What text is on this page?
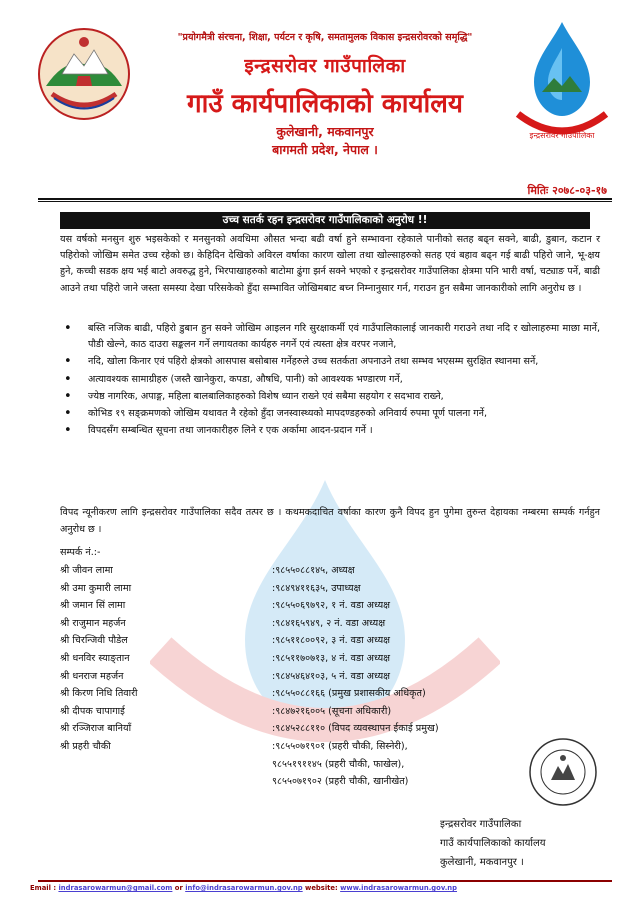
"प्रयोगमैत्री संरचना, शिक्षा, पर्यटन र कृषि, समतामुलक विकास इन्द्रसरोवरको समृद्धि"
इन्द्रसरोवर गाउँपालिका
गाउँ कार्यपालिकाको कार्यालय
कुलेखानी, मकवानपुर
बागमती प्रदेश, नेपाल ।
इन्द्रसरोवर गाउँपालिका
मितिः २०७८-०३-१७
उच्च सतर्क रहन इन्द्रसरोवर गाउँपालिकाको अनुरोध !!
यस वर्षको मनसुन शुरु भइसकेको र मनसुनको अवधिमा औसत भन्दा बढी वर्षा हुने सम्भावना रहेकाले पानीको सतह बढ्न सक्ने, बाढी, डुबान, कटान र पहिरोको जोखिम समेत उच्च रहेको छ। केहिदिन देखिको अविरल वर्षाका कारण खोला तथा खोल्साहरुको सतह एवं बहाव बढ्न गई बाढी पहिरो जाने, भू-क्षय हुने, कच्ची सडक क्षय भई बाटो अवरुद्ध हुने, भिरपाखाहरुको बाटोमा ढुंगा झर्न सक्ने भएको र इन्द्रसरोवर गाउँपालिका क्षेत्रमा पनि भारी वर्षा, चट्याङ पर्ने, बाढी आउने तथा पहिरो जाने जस्ता समस्या देखा परिसकेको हुँदा सम्भावित जोखिमबाट बच्न निम्नानुसार गर्न, गराउन हुन सबैमा जानकारीको लागि अनुरोध छ ।
• बस्ति नजिक बाढी, पहिरो डुबान हुन सक्ने जोखिम आइलन गरि सुरक्षाकर्मी एवं गाउँपालिकालाई जानकारी गराउने तथा नदि र खोलाहरुमा माछा मार्ने, पौडी खेल्ने, काठ दाउरा सङ्कलन गर्ने लगायतका कार्यहरु नगर्ने एवं त्यस्ता क्षेत्र वरपर नजाने,
• नदि, खोला किनार एवं पहिरो क्षेत्रको आसपास बसोबास गर्नेहरुले उच्च सतर्कता अपनाउने तथा सम्भव भएसम्म सुरक्षित स्थानमा सर्ने,
• अत्यावश्यक सामाग्रीहरु (जस्तै खानेकुरा, कपडा, औषधि, पानी) को आवश्यक भण्डारण गर्ने,
• ज्येष्ठ नागरिक, अपाङ्ग, महिला बालबालिकाहरुको विशेष ध्यान राख्ने एवं सबैमा सहयोग र सदभाव राख्ने,
• कोभिड १९ सङ्क्रमणको जोखिम यथावत नै रहेको हुँदा जनस्वास्थ्यको मापदण्डहरुको अनिवार्य रुपमा पूर्ण पालना गर्ने,
• विपदसँग सम्बन्धित सूचना तथा जानकारीहरु लिने र एक अर्कामा आदन-प्रदान गर्ने ।
विपद न्यूनीकरण लागि इन्द्रसरोवर गाउँपालिका सदैव तत्पर छ । कथमकदाचित वर्षाका कारण कुनै विपद हुन पुगेमा तुरुन्त देहायका नम्बरमा सम्पर्क गर्नहुन अनुरोध छ ।
सम्पर्क नं.:-
श्री जीवन लामा	:९८५५०८८१४५, अध्यक्ष
श्री उमा कुमारी लामा	:९८४९४११६३५, उपाध्यक्ष
श्री जमान सिं लामा	:९८५५०६९७९२, १ नं. वडा अध्यक्ष
श्री राजुमान महर्जन	:९८४१६५९४९, २ नं. वडा अध्यक्ष
श्री चिरन्जिवी पौडेल	:९८५११८००९२, ३ नं. वडा अध्यक्ष
श्री धनविर स्याङ्तान	:९८५११७०७१३, ४ नं. वडा अध्यक्ष
श्री धनराज महर्जन	:९८४५४६४१०३, ५ नं. वडा अध्यक्ष
श्री किरण निधि तिवारी	:९८५५०८८१६६ (प्रमुख प्रशासकीय अधिकृत)
श्री दीपक चापागाई	:९८४७२१६००५ (सूचना अधिकारी)
श्री रञ्जिराज बानियाँ	:९८४५२८८११० (विपद व्यवस्थापन ईकाई प्रमुख)
श्री प्रहरी चौकी	:९८५५०७१९०१ (प्रहरी चौकी, सिस्नेरी),
९८५५१९११४५ (प्रहरी चौकी, फाखेल),
९८५५०७१९०२ (प्रहरी चौकी, खानीखेत)
इन्द्रसरोवर गाउँपालिका
गाउँ कार्यपालिकाको कार्यालय
कुलेखानी, मकवानपुर ।
Email : indrasarowarmun@gmail.com or info@indrasarowarmun.gov.np website: www.indrasarowarmun.gov.np
